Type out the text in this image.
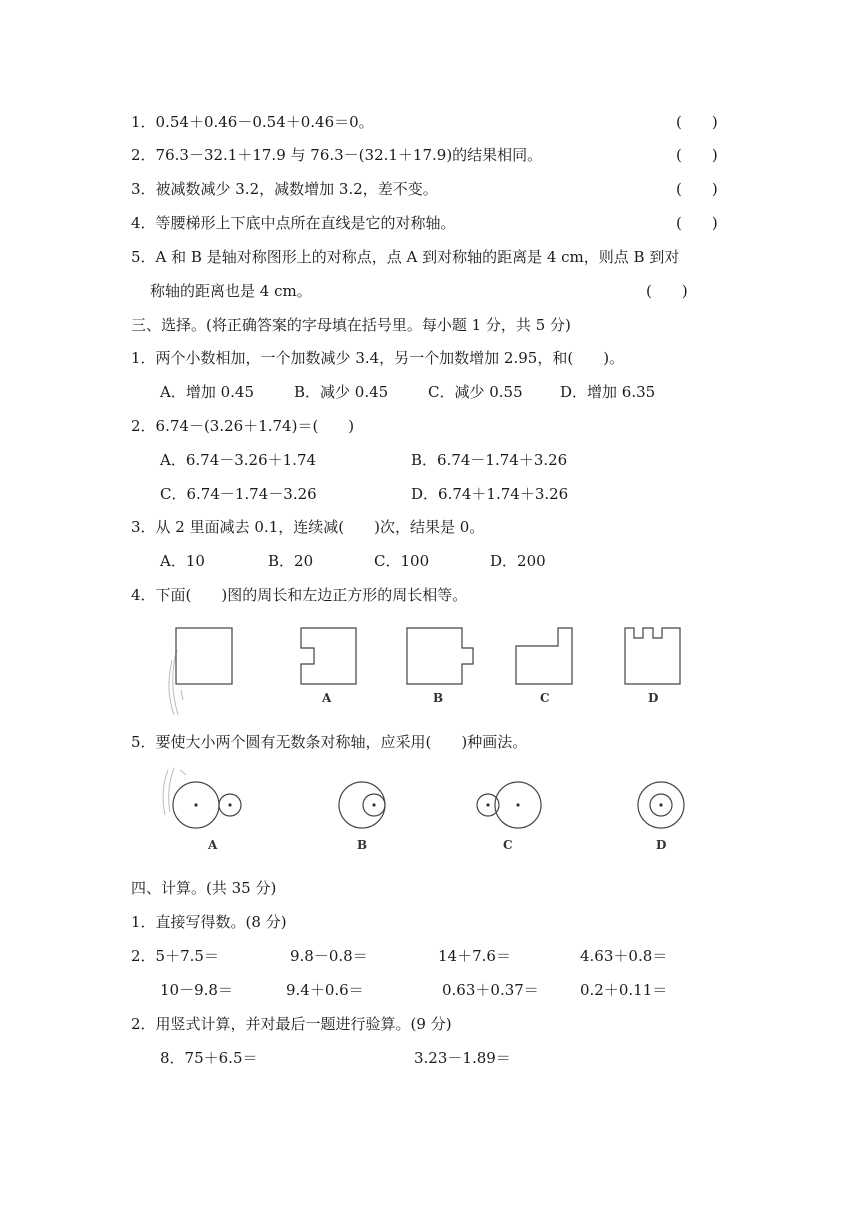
1．0.54＋0.46－0.54＋0.46＝0。	(　　)
2．76.3－32.1＋17.9 与 76.3－(32.1＋17.9)的结果相同。	(　　)
3．被减数减少 3.2，减数增加 3.2，差不变。	(　　)
4．等腰梯形上下底中点所在直线是它的对称轴。	(　　)
5．A 和 B 是轴对称图形上的对称点，点 A 到对称轴的距离是 4 cm，则点 B 到对
称轴的距离也是 4 cm。	(　　)
三、选择。(将正确答案的字母填在括号里。每小题 1 分，共 5 分)
1．两个小数相加，一个加数减少 3.4，另一个加数增加 2.95，和(　　)。
A．增加 0.45	B．减少 0.45	C．减少 0.55 D．增加 6.35
2．6.74－(3.26＋1.74)＝(　　)
A．6.74－3.26＋1.74	B．6.74－1.74＋3.26
C．6.74－1.74－3.26	D．6.74＋1.74＋3.26
3．从 2 里面减去 0.1，连续减(　　)次，结果是 0。
A．10	B．20	C．100	D．200
4．下面(　　)图的周长和左边正方形的周长相等。
A	B	C	D
5．要使大小两个圆有无数条对称轴，应采用(　　)种画法。
A	B	C	D
四、计算。(共 35 分)
1．直接写得数。(8 分)
2．5＋7.5＝	9.8－0.8＝	14＋7.6＝	4.63＋0.8＝
10－9.8＝	9.4＋0.6＝	0.63＋0.37＝	0.2＋0.11＝
2．用竖式计算，并对最后一题进行验算。(9 分)
8．75＋6.5＝	3.23－1.89＝
